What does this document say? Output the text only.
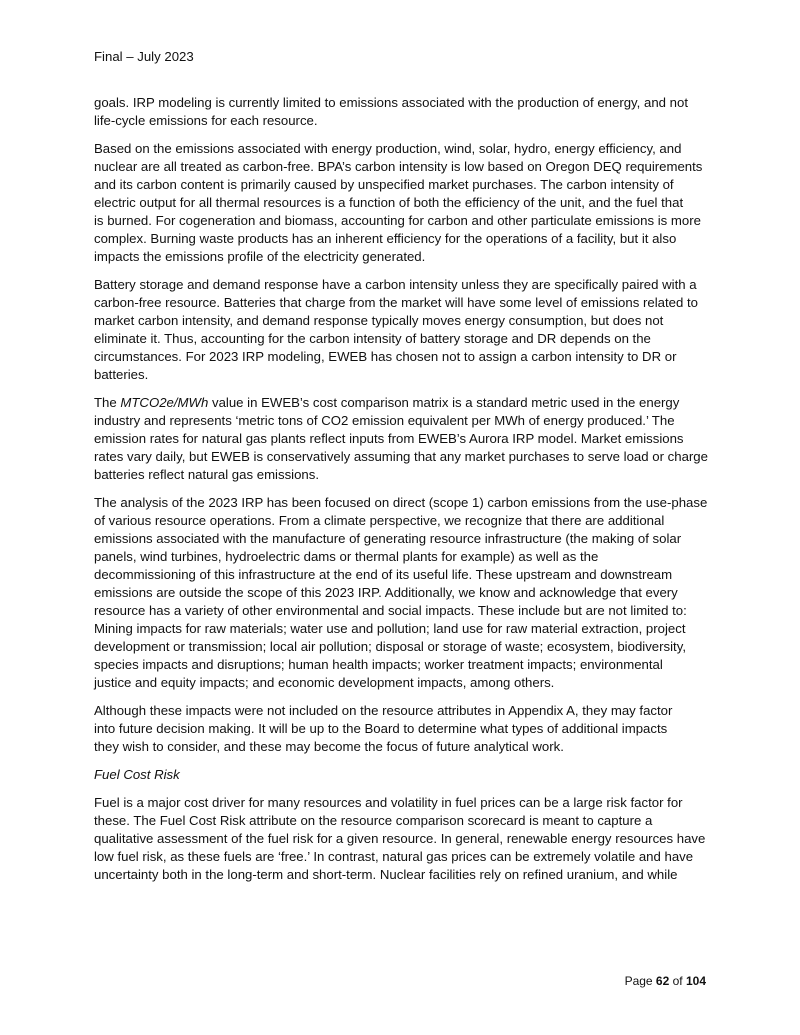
Final – July 2023

goals. IRP modeling is currently limited to emissions associated with the production of energy, and not
life-cycle emissions for each resource.

Based on the emissions associated with energy production, wind, solar, hydro, energy efficiency, and
nuclear are all treated as carbon-free. BPA’s carbon intensity is low based on Oregon DEQ requirements
and its carbon content is primarily caused by unspecified market purchases. The carbon intensity of
electric output for all thermal resources is a function of both the efficiency of the unit, and the fuel that
is burned. For cogeneration and biomass, accounting for carbon and other particulate emissions is more
complex. Burning waste products has an inherent efficiency for the operations of a facility, but it also
impacts the emissions profile of the electricity generated.

Battery storage and demand response have a carbon intensity unless they are specifically paired with a
carbon-free resource. Batteries that charge from the market will have some level of emissions related to
market carbon intensity, and demand response typically moves energy consumption, but does not
eliminate it. Thus, accounting for the carbon intensity of battery storage and DR depends on the
circumstances. For 2023 IRP modeling, EWEB has chosen not to assign a carbon intensity to DR or
batteries.

The MTCO2e/MWh value in EWEB’s cost comparison matrix is a standard metric used in the energy
industry and represents ‘metric tons of CO2 emission equivalent per MWh of energy produced.’ The
emission rates for natural gas plants reflect inputs from EWEB’s Aurora IRP model. Market emissions
rates vary daily, but EWEB is conservatively assuming that any market purchases to serve load or charge
batteries reflect natural gas emissions.

The analysis of the 2023 IRP has been focused on direct (scope 1) carbon emissions from the use-phase
of various resource operations. From a climate perspective, we recognize that there are additional
emissions associated with the manufacture of generating resource infrastructure (the making of solar
panels, wind turbines, hydroelectric dams or thermal plants for example) as well as the
decommissioning of this infrastructure at the end of its useful life. These upstream and downstream
emissions are outside the scope of this 2023 IRP. Additionally, we know and acknowledge that every
resource has a variety of other environmental and social impacts. These include but are not limited to:
Mining impacts for raw materials; water use and pollution; land use for raw material extraction, project
development or transmission; local air pollution; disposal or storage of waste; ecosystem, biodiversity,
species impacts and disruptions; human health impacts; worker treatment impacts; environmental
justice and equity impacts; and economic development impacts, among others.

Although these impacts were not included on the resource attributes in Appendix A, they may factor
into future decision making. It will be up to the Board to determine what types of additional impacts
they wish to consider, and these may become the focus of future analytical work.

Fuel Cost Risk

Fuel is a major cost driver for many resources and volatility in fuel prices can be a large risk factor for
these. The Fuel Cost Risk attribute on the resource comparison scorecard is meant to capture a
qualitative assessment of the fuel risk for a given resource. In general, renewable energy resources have
low fuel risk, as these fuels are ‘free.’ In contrast, natural gas prices can be extremely volatile and have
uncertainty both in the long-term and short-term. Nuclear facilities rely on refined uranium, and while

Page 62 of 104
